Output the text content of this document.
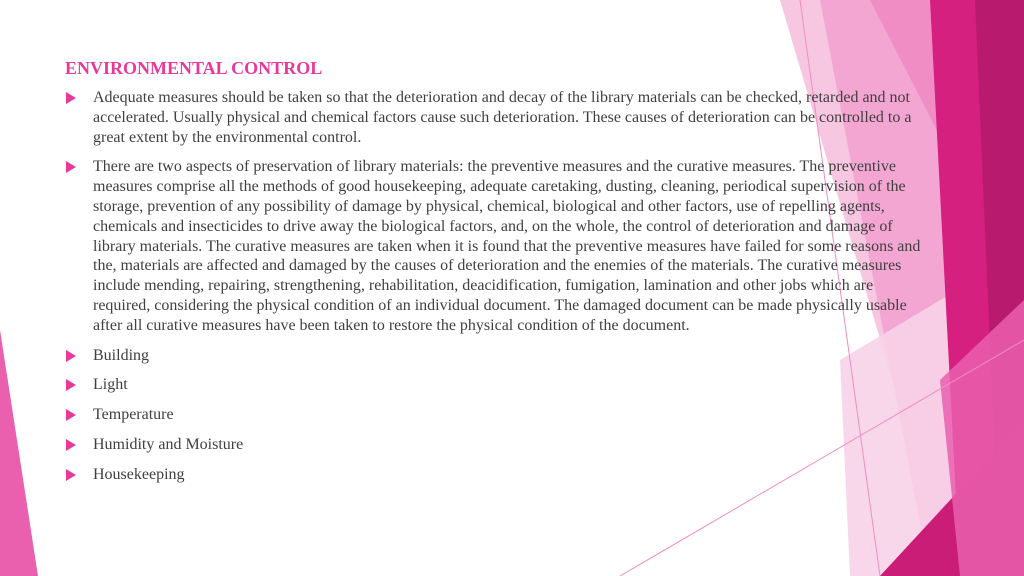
ENVIRONMENTAL CONTROL
Adequate measures should be taken so that the deterioration and decay of the library materials can be checked, retarded and not accelerated. Usually physical and chemical factors cause such deterioration. These causes of deterioration can be controlled to a great extent by the environmental control.
There are two aspects of preservation of library materials: the preventive measures and the curative measures. The preventive measures comprise all the methods of good housekeeping, adequate caretaking, dusting, cleaning, periodical supervision of the storage, prevention of any possibility of damage by physical, chemical, biological and other factors, use of repelling agents, chemicals and insecticides to drive away the biological factors, and, on the whole, the control of deterioration and damage of library materials. The curative measures are taken when it is found that the preventive measures have failed for some reasons and the, materials are affected and damaged by the causes of deterioration and the enemies of the materials. The curative measures include mending, repairing, strengthening, rehabilitation, deacidification, fumigation, lamination and other jobs which are required, considering the physical condition of an individual document. The damaged document can be made physically usable after all curative measures have been taken to restore the physical condition of the document.
Building
Light
Temperature
Humidity and Moisture
Housekeeping
